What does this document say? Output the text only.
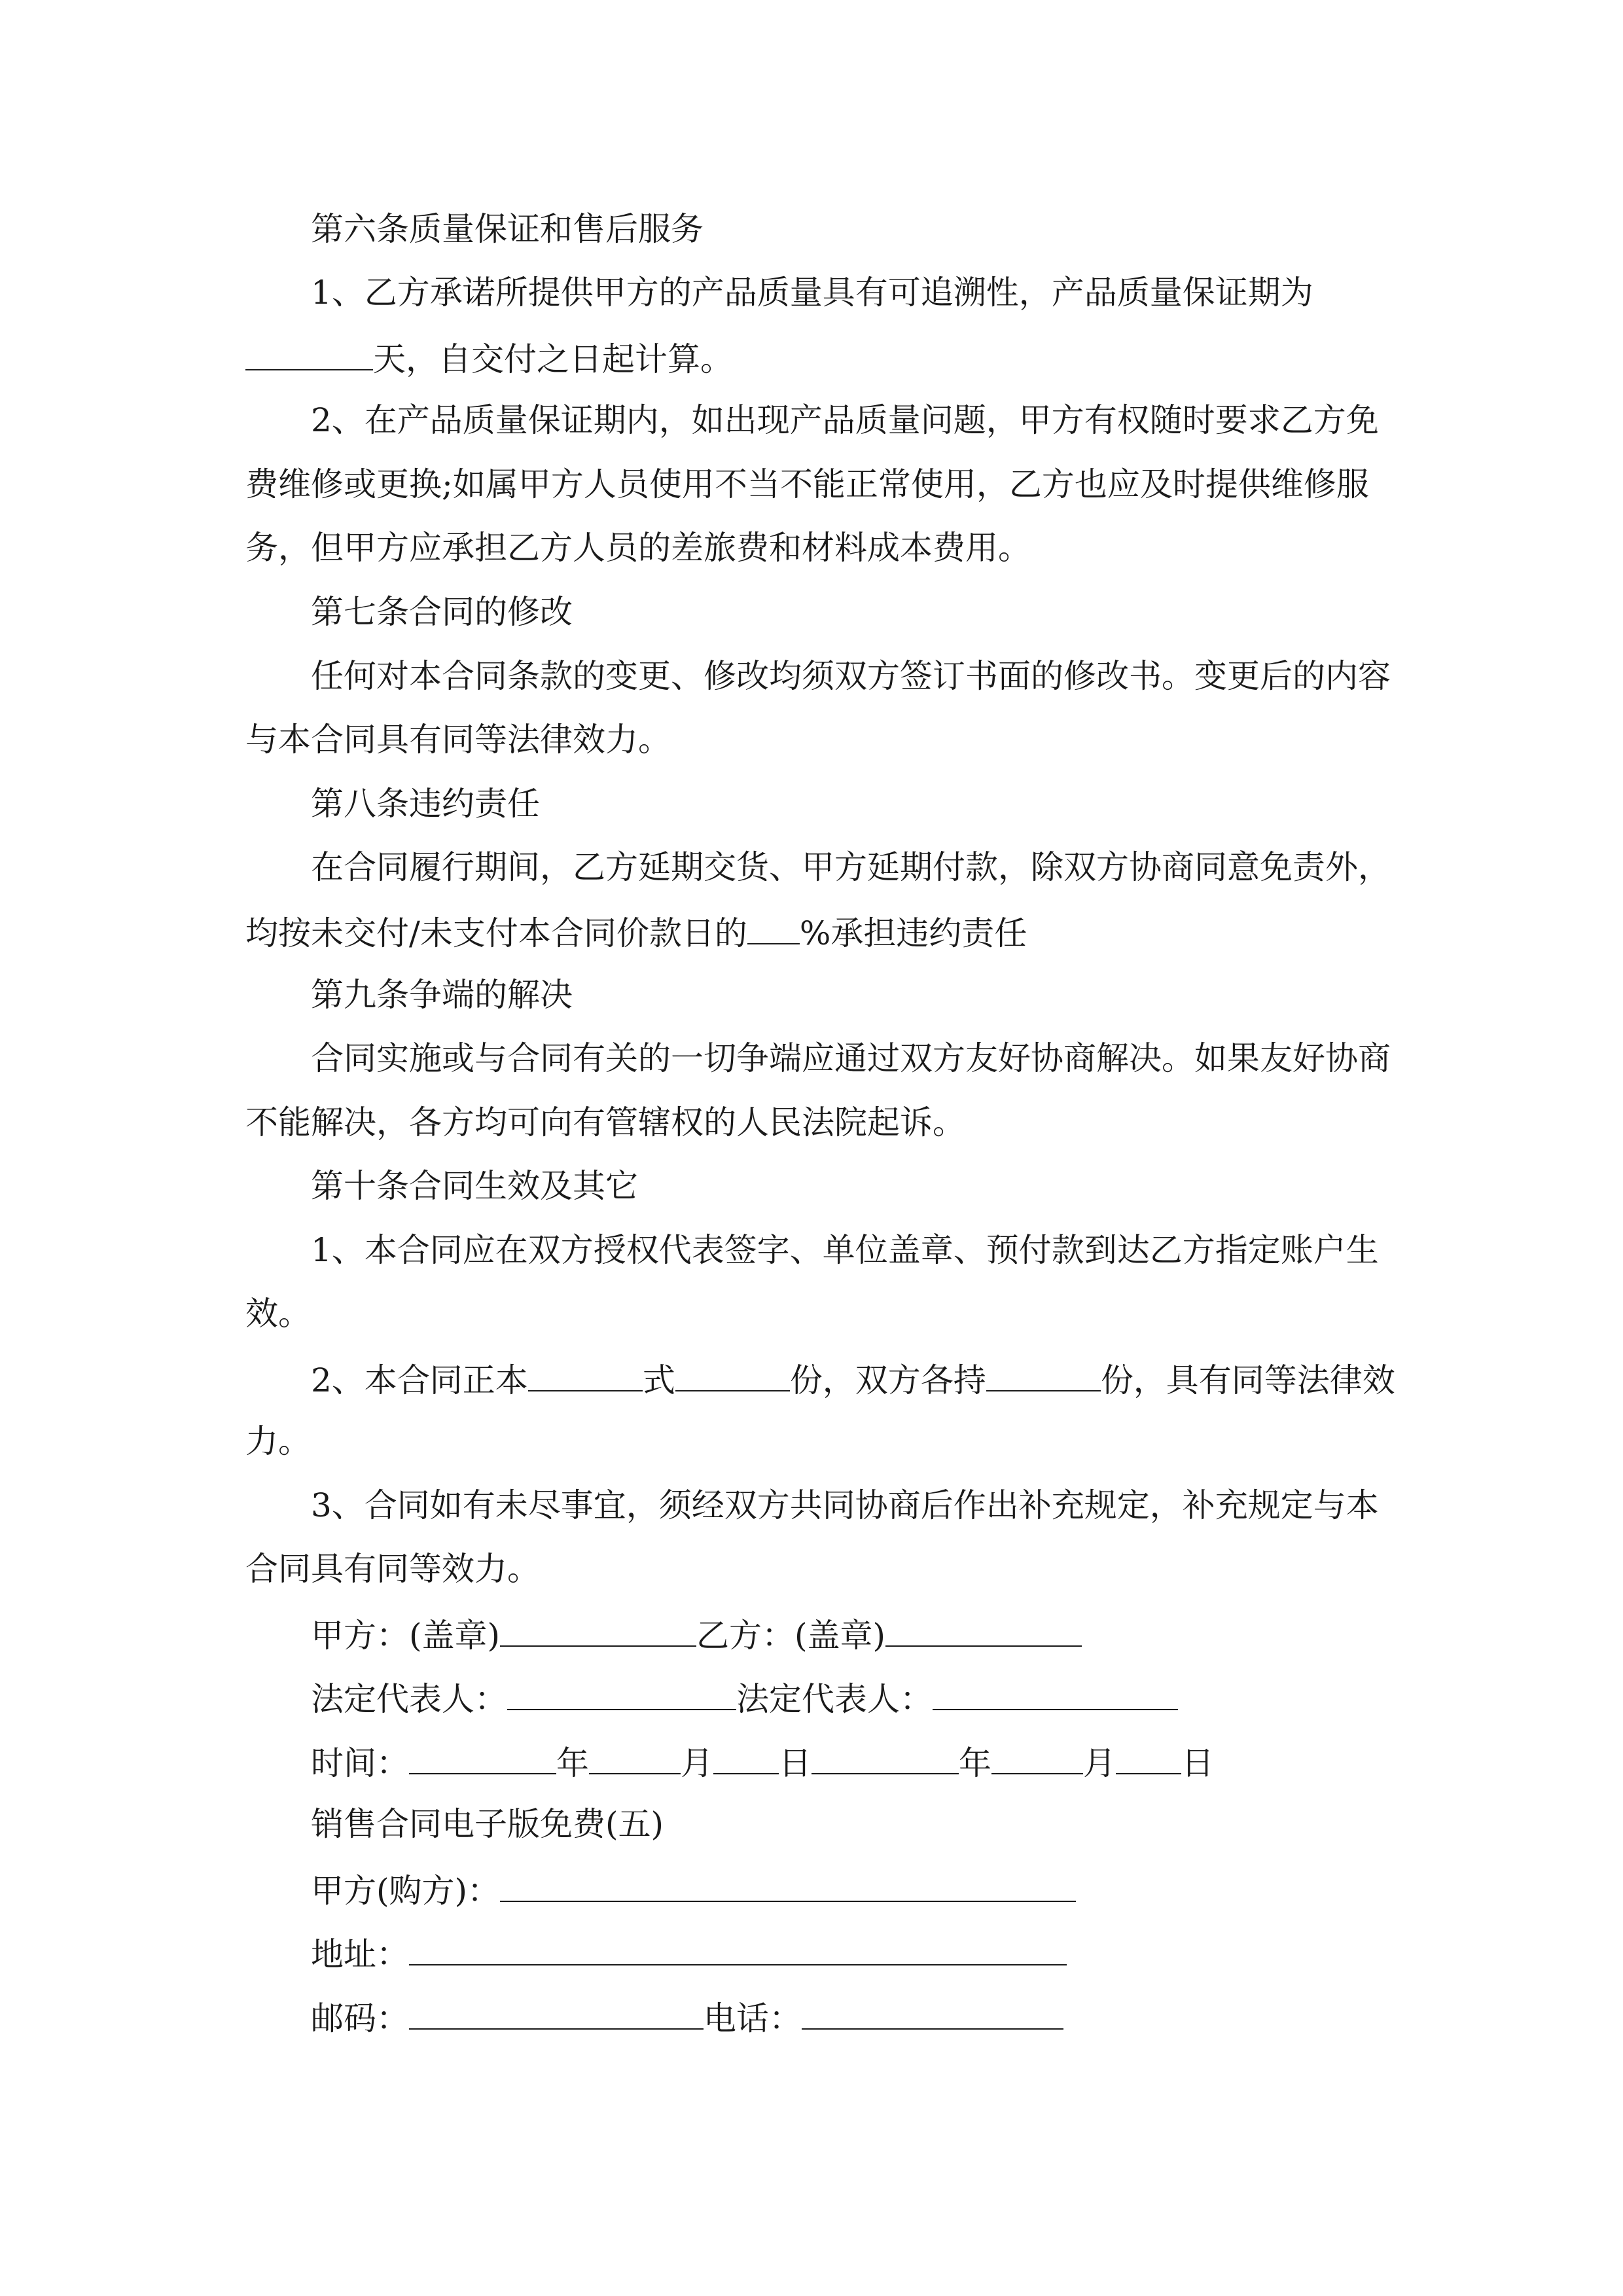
第六条质量保证和售后服务
1、乙方承诺所提供甲方的产品质量具有可追溯性，产品质量保证期为
天，自交付之日起计算。
2、在产品质量保证期内，如出现产品质量问题，甲方有权随时要求乙方免
费维修或更换;如属甲方人员使用不当不能正常使用，乙方也应及时提供维修服
务，但甲方应承担乙方人员的差旅费和材料成本费用。
第七条合同的修改
任何对本合同条款的变更、修改均须双方签订书面的修改书。变更后的内容
与本合同具有同等法律效力。
第八条违约责任
在合同履行期间，乙方延期交货、甲方延期付款，除双方协商同意免责外，
均按未交付/未支付本合同价款日的 %承担违约责任
第九条争端的解决
合同实施或与合同有关的一切争端应通过双方友好协商解决。如果友好协商
不能解决，各方均可向有管辖权的人民法院起诉。
第十条合同生效及其它
1、本合同应在双方授权代表签字、单位盖章、预付款到达乙方指定账户生
效。
2、本合同正本	式	份，双方各持	份，具有同等法律效
力。
3、合同如有未尽事宜，须经双方共同协商后作出补充规定，补充规定与本
合同具有同等效力。
甲方：(盖章)	乙方：(盖章)
法定代表人：	法定代表人：
时间：	年	月 日	年	月 日
销售合同电子版免费(五)
甲方(购方)：
地址：
邮码：	电话：
